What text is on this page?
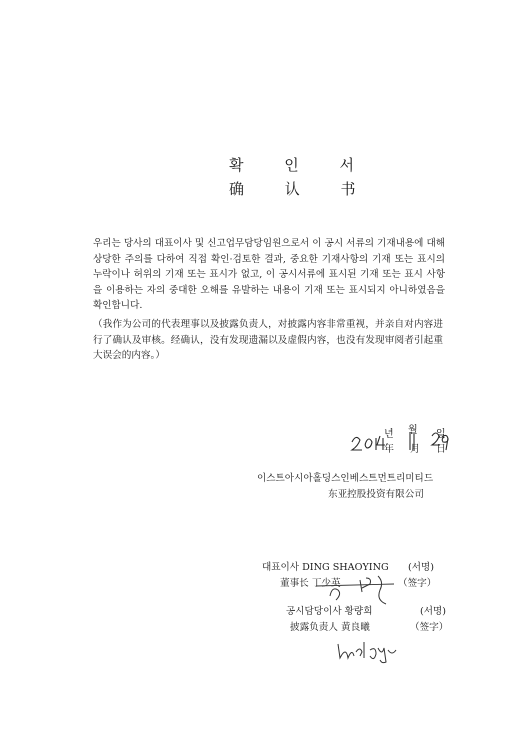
확 인 서
确 认 书
우리는 당사의 대표이사 및 신고업무담당임원으로서 이 공시 서류의 기재내용에 대해 상당한 주의를 다하여 직접 확인·검토한 결과, 중요한 기재사항의 기재 또는 표시의 누락이나 허위의 기재 또는 표시가 없고, 이 공시서류에 표시된 기재 또는 표시 사항을 이용하는 자의 중대한 오해를 유발하는 내용이 기재 또는 표시되지 아니하였음을 확인합니다.
（我作为公司的代表理事以及披露负责人，对披露内容非常重视，并亲自对内容进行了确认及审核。经确认，没有发现遗漏以及虚假内容，也没有发现审阅者引起重大误会的内容。）
년
年
월
月
일
日
이스트아시아홀딩스인베스트먼트리미티드
东亚控股投资有限公司
대표이사 DING SHAOYING (서명)
董事长 丁少英	（签字）
공시담당이사 황량희	(서명)
披露负责人 黄良曦	（签字）
